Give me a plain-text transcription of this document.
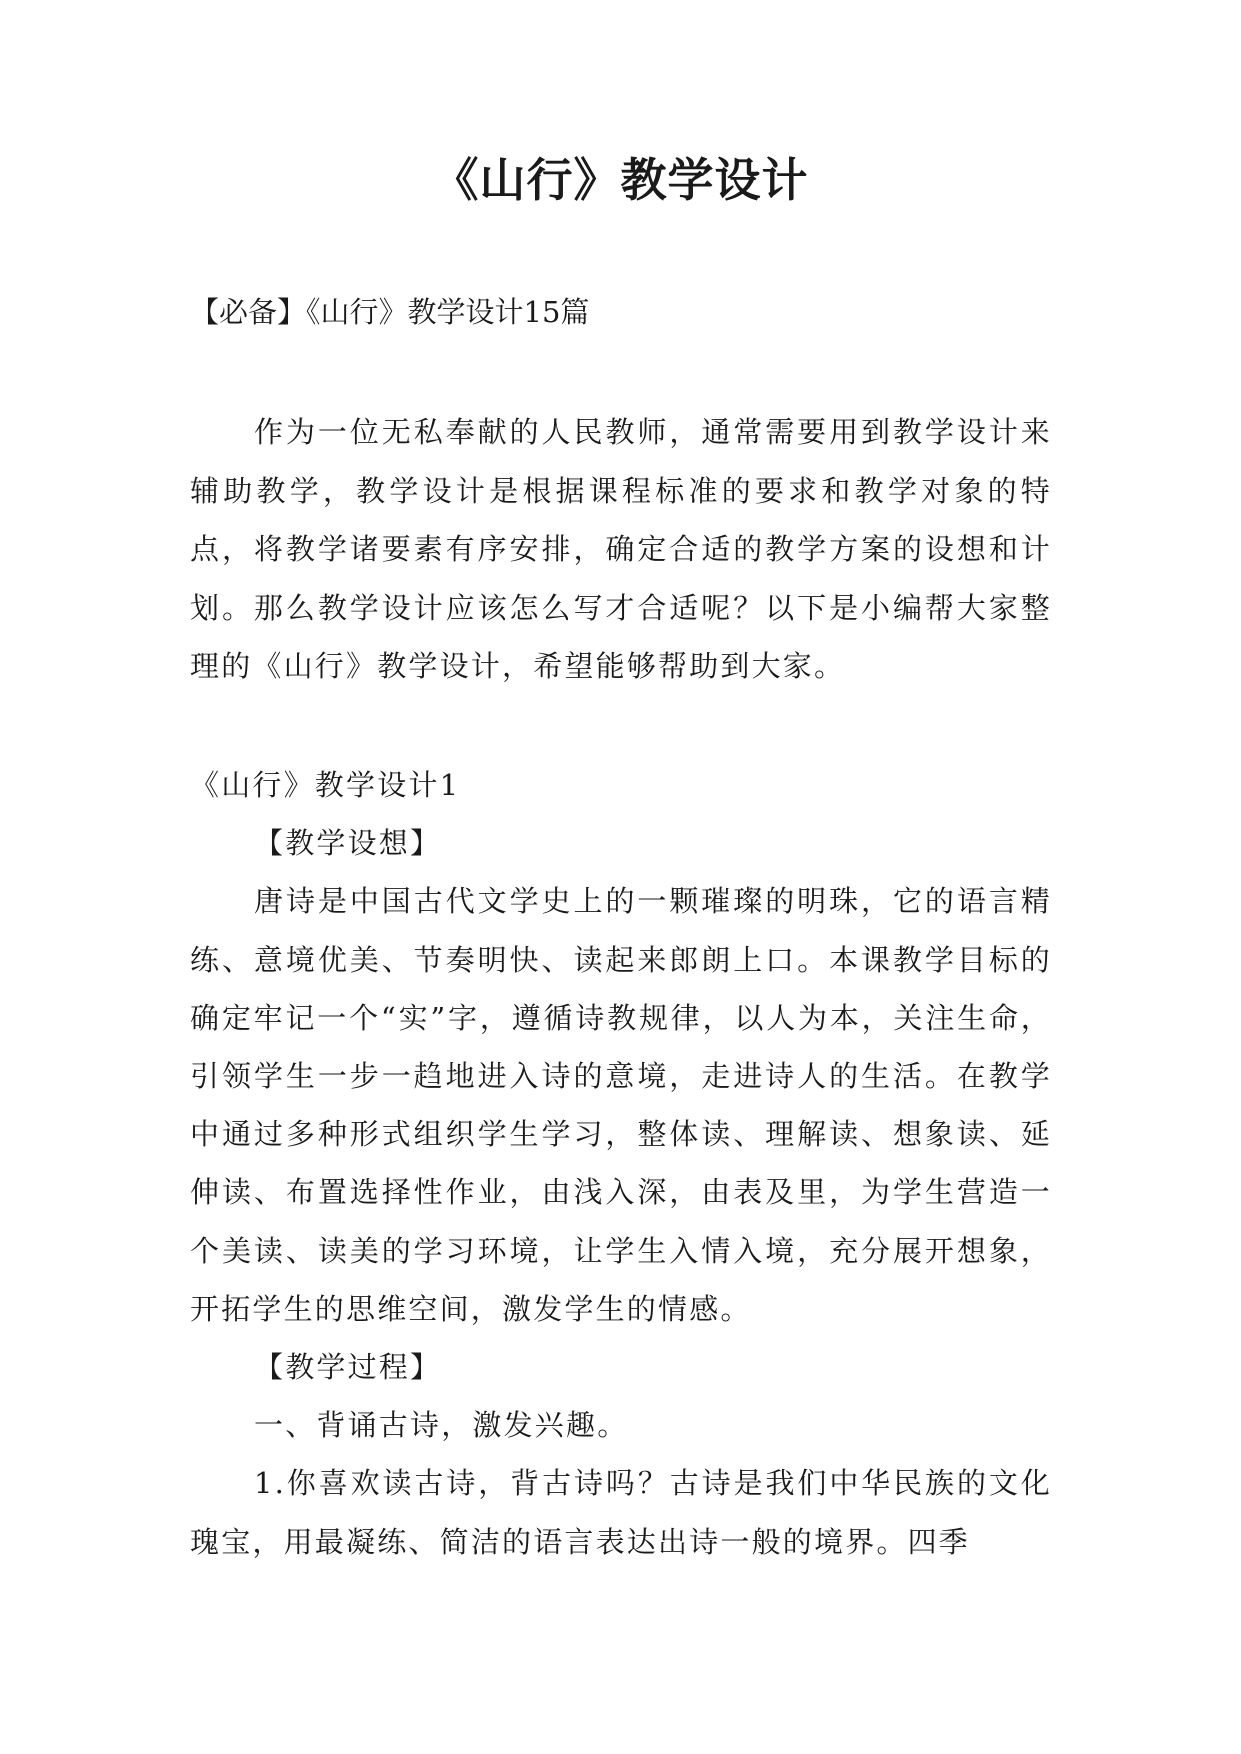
《山行》教学设计

【必备】《山行》教学设计15篇

作为一位无私奉献的人民教师，通常需要用到教学设计来辅助教学，教学设计是根据课程标准的要求和教学对象的特点，将教学诸要素有序安排，确定合适的教学方案的设想和计划。那么教学设计应该怎么写才合适呢？以下是小编帮大家整理的《山行》教学设计，希望能够帮助到大家。

《山行》教学设计1

【教学设想】

唐诗是中国古代文学史上的一颗璀璨的明珠，它的语言精练、意境优美、节奏明快、读起来郎朗上口。本课教学目标的确定牢记一个“实”字，遵循诗教规律，以人为本，关注生命，引领学生一步一趋地进入诗的意境，走进诗人的生活。在教学中通过多种形式组织学生学习，整体读、理解读、想象读、延伸读、布置选择性作业，由浅入深，由表及里，为学生营造一个美读、读美的学习环境，让学生入情入境，充分展开想象，开拓学生的思维空间，激发学生的情感。

【教学过程】

一、背诵古诗，激发兴趣。

1.你喜欢读古诗，背古诗吗？古诗是我们中华民族的文化瑰宝，用最凝练、简洁的语言表达出诗一般的境界。四季
